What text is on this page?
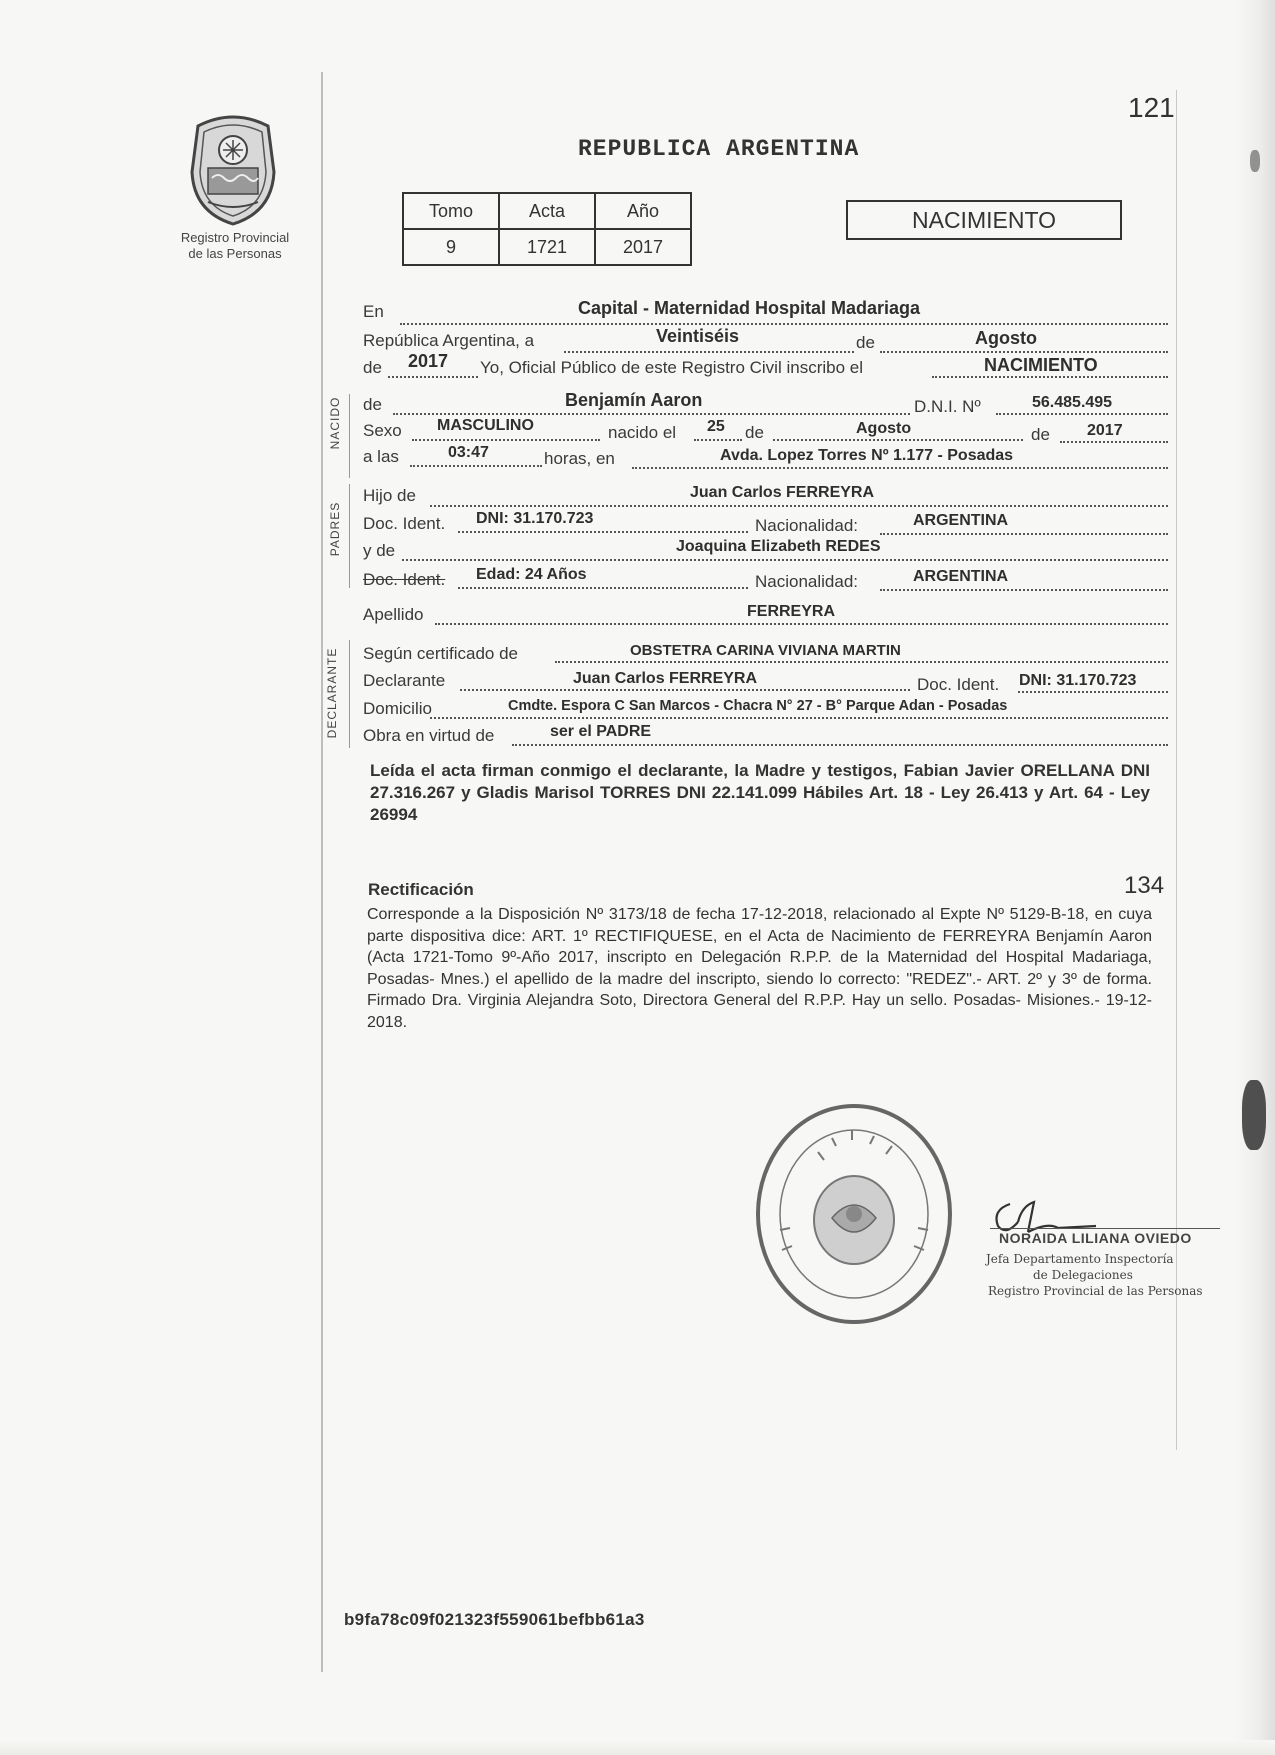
Registro Provincial
de las Personas
121
REPUBLICA ARGENTINA
Tomo	Acta	Año
9	1721	2017
NACIMIENTO
En	Capital - Maternidad Hospital Madariaga
República Argentina, a	Veintiséis	de	Agosto
de 2017 Yo, Oficial Público de este Registro Civil inscribo el	NACIMIENTO
NACIDO de	Benjamín Aaron	D.N.I. Nº	56.485.495
Sexo MASCULINO	nacido el 25 de	Agosto	de 2017
a las	03:47	horas, en	Avda. Lopez Torres Nº 1.177 - Posadas
PADRES
Hijo de	Juan Carlos FERREYRA
Doc. Ident. DNI: 31.170.723	Nacionalidad:	ARGENTINA
y de	Joaquina Elizabeth REDES
Doc. Ident. Edad: 24 Años	Nacionalidad:	ARGENTINA
Apellido	FERREYRA
DECLARANTE Según certificado de	OBSTETRA CARINA VIVIANA MARTIN
Declarante	Juan Carlos FERREYRA	Doc. Ident. DNI: 31.170.723
Domicilio	Cmdte. Espora C San Marcos - Chacra N° 27 - B° Parque Adan - Posadas
Obra en virtud de	ser el PADRE
Leída el acta firman conmigo el declarante, la Madre y testigos, Fabian Javier ORELLANA DNI 27.316.267 y Gladis Marisol TORRES DNI 22.141.099 Hábiles Art. 18 - Ley 26.413 y Art. 64 - Ley 26994
Rectificación	134
Corresponde a la Disposición Nº 3173/18 de fecha 17-12-2018, relacionado al Expte Nº 5129-B-18, en cuya parte dispositiva dice: ART. 1º RECTIFIQUESE, en el Acta de Nacimiento de FERREYRA Benjamín Aaron (Acta 1721-Tomo 9º-Año 2017, inscripto en Delegación R.P.P. de la Maternidad del Hospital Madariaga, Posadas- Mnes.) el apellido de la madre del inscripto, siendo lo correcto: "REDEZ".- ART. 2º y 3º de forma. Firmado Dra. Virginia Alejandra Soto, Directora General del R.P.P. Hay un sello. Posadas- Misiones.- 19-12-2018.
NORAIDA LILIANA OVIEDO
Jefa Departamento Inspectoría
de Delegaciones
Registro Provincial de las Personas
b9fa78c09f021323f559061befbb61a3
